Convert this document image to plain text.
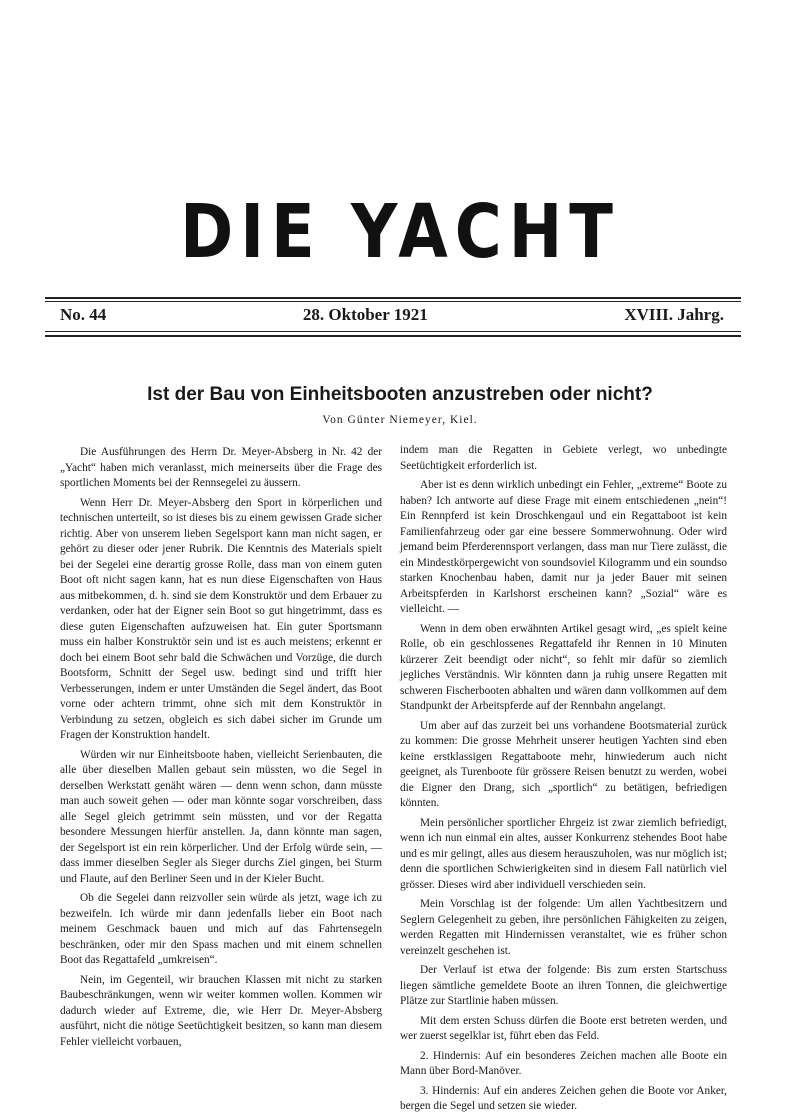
DIE YACHT
No. 44	28. Oktober 1921	XVIII. Jahrg.
Ist der Bau von Einheitsbooten anzustreben oder nicht?
Von Günter Niemeyer, Kiel.

Die Ausführungen des Herrn Dr. Meyer-Absberg in Nr. 42 der „Yacht“ haben mich veranlasst, mich meinerseits über die Frage des sportlichen Moments bei der Rennsegelei zu äussern.

Wenn Herr Dr. Meyer-Absberg den Sport in körperlichen und technischen unterteilt, so ist dieses bis zu einem gewissen Grade sicher richtig. Aber von unserem lieben Segelsport kann man nicht sagen, er gehört zu dieser oder jener Rubrik. Die Kenntnis des Materials spielt bei der Segelei eine derartig grosse Rolle, dass man von einem guten Boot oft nicht sagen kann, hat es nun diese Eigenschaften von Haus aus mitbekommen, d. h. sind sie dem Konstruktör und dem Erbauer zu verdanken, oder hat der Eigner sein Boot so gut hingetrimmt, dass es diese guten Eigenschaften aufzuweisen hat. Ein guter Sportsmann muss ein halber Konstruktör sein und ist es auch meistens; erkennt er doch bei einem Boot sehr bald die Schwächen und Vorzüge, die durch Bootsform, Schnitt der Segel usw. bedingt sind und trifft hier Verbesserungen, indem er unter Umständen die Segel ändert, das Boot vorne oder achtern trimmt, ohne sich mit dem Konstruktör in Verbindung zu setzen, obgleich es sich dabei sicher im Grunde um Fragen der Konstruktion handelt.

Würden wir nur Einheitsboote haben, vielleicht Serienbauten, die alle über dieselben Mallen gebaut sein müssten, wo die Segel in derselben Werkstatt genäht wären — denn wenn schon, dann müsste man auch soweit gehen — oder man könnte sogar vorschreiben, dass alle Segel gleich getrimmt sein müssten, und vor der Regatta besondere Messungen hierfür anstellen. Ja, dann könnte man sagen, der Segelsport ist ein rein körperlicher. Und der Erfolg würde sein, — dass immer dieselben Segler als Sieger durchs Ziel gingen, bei Sturm und Flaute, auf den Berliner Seen und in der Kieler Bucht.

Ob die Segelei dann reizvoller sein würde als jetzt, wage ich zu bezweifeln. Ich würde mir dann jedenfalls lieber ein Boot nach meinem Geschmack bauen und mich auf das Fahrtensegeln beschränken, oder mir den Spass machen und mit einem schnellen Boot das Regattafeld „umkreisen“.

Nein, im Gegenteil, wir brauchen Klassen mit nicht zu starken Baubeschränkungen, wenn wir weiter kommen wollen. Kommen wir dadurch wieder auf Extreme, die, wie Herr Dr. Meyer-Absberg ausführt, nicht die nötige Seetüchtigkeit besitzen, so kann man diesem Fehler vielleicht vorbauen,

indem man die Regatten in Gebiete verlegt, wo unbedingte Seetüchtigkeit erforderlich ist.

Aber ist es denn wirklich unbedingt ein Fehler, „extreme“ Boote zu haben? Ich antworte auf diese Frage mit einem entschiedenen „nein“! Ein Rennpferd ist kein Droschkengaul und ein Regattaboot ist kein Familienfahrzeug oder gar eine bessere Sommerwohnung. Oder wird jemand beim Pferderennsport verlangen, dass man nur Tiere zulässt, die ein Mindestkörpergewicht von soundsoviel Kilogramm und ein soundso starken Knochenbau haben, damit nur ja jeder Bauer mit seinen Arbeitspferden in Karlshorst erscheinen kann? „Sozial“ wäre es vielleicht. —

Wenn in dem oben erwähnten Artikel gesagt wird, „es spielt keine Rolle, ob ein geschlossenes Regattafeld ihr Rennen in 10 Minuten kürzerer Zeit beendigt oder nicht“, so fehlt mir dafür so ziemlich jegliches Verständnis. Wir könnten dann ja ruhig unsere Regatten mit schweren Fischerbooten abhalten und wären dann vollkommen auf dem Standpunkt der Arbeitspferde auf der Rennbahn angelangt.

Um aber auf das zurzeit bei uns vorhandene Bootsmaterial zurück zu kommen: Die grosse Mehrheit unserer heutigen Yachten sind eben keine erstklassigen Regattaboote mehr, hinwiederum auch nicht geeignet, als Turenboote für grössere Reisen benutzt zu werden, wobei die Eigner den Drang, sich „sportlich“ zu betätigen, befriedigen könnten.

Mein persönlicher sportlicher Ehrgeiz ist zwar ziemlich befriedigt, wenn ich nun einmal ein altes, ausser Konkurrenz stehendes Boot habe und es mir gelingt, alles aus diesem herauszuholen, was nur möglich ist; denn die sportlichen Schwierigkeiten sind in diesem Fall natürlich viel grösser. Dieses wird aber individuell verschieden sein.

Mein Vorschlag ist der folgende: Um allen Yachtbesitzern und Seglern Gelegenheit zu geben, ihre persönlichen Fähigkeiten zu zeigen, werden Regatten mit Hindernissen veranstaltet, wie es früher schon vereinzelt geschehen ist.

Der Verlauf ist etwa der folgende: Bis zum ersten Startschuss liegen sämtliche gemeldete Boote an ihren Tonnen, die gleichwertige Plätze zur Startlinie haben müssen.

Mit dem ersten Schuss dürfen die Boote erst betreten werden, und wer zuerst segelklar ist, führt eben das Feld.

2. Hindernis: Auf ein besonderes Zeichen machen alle Boote ein Mann über Bord-Manöver.

3. Hindernis: Auf ein anderes Zeichen gehen die Boote vor Anker, bergen die Segel und setzen sie wieder.
